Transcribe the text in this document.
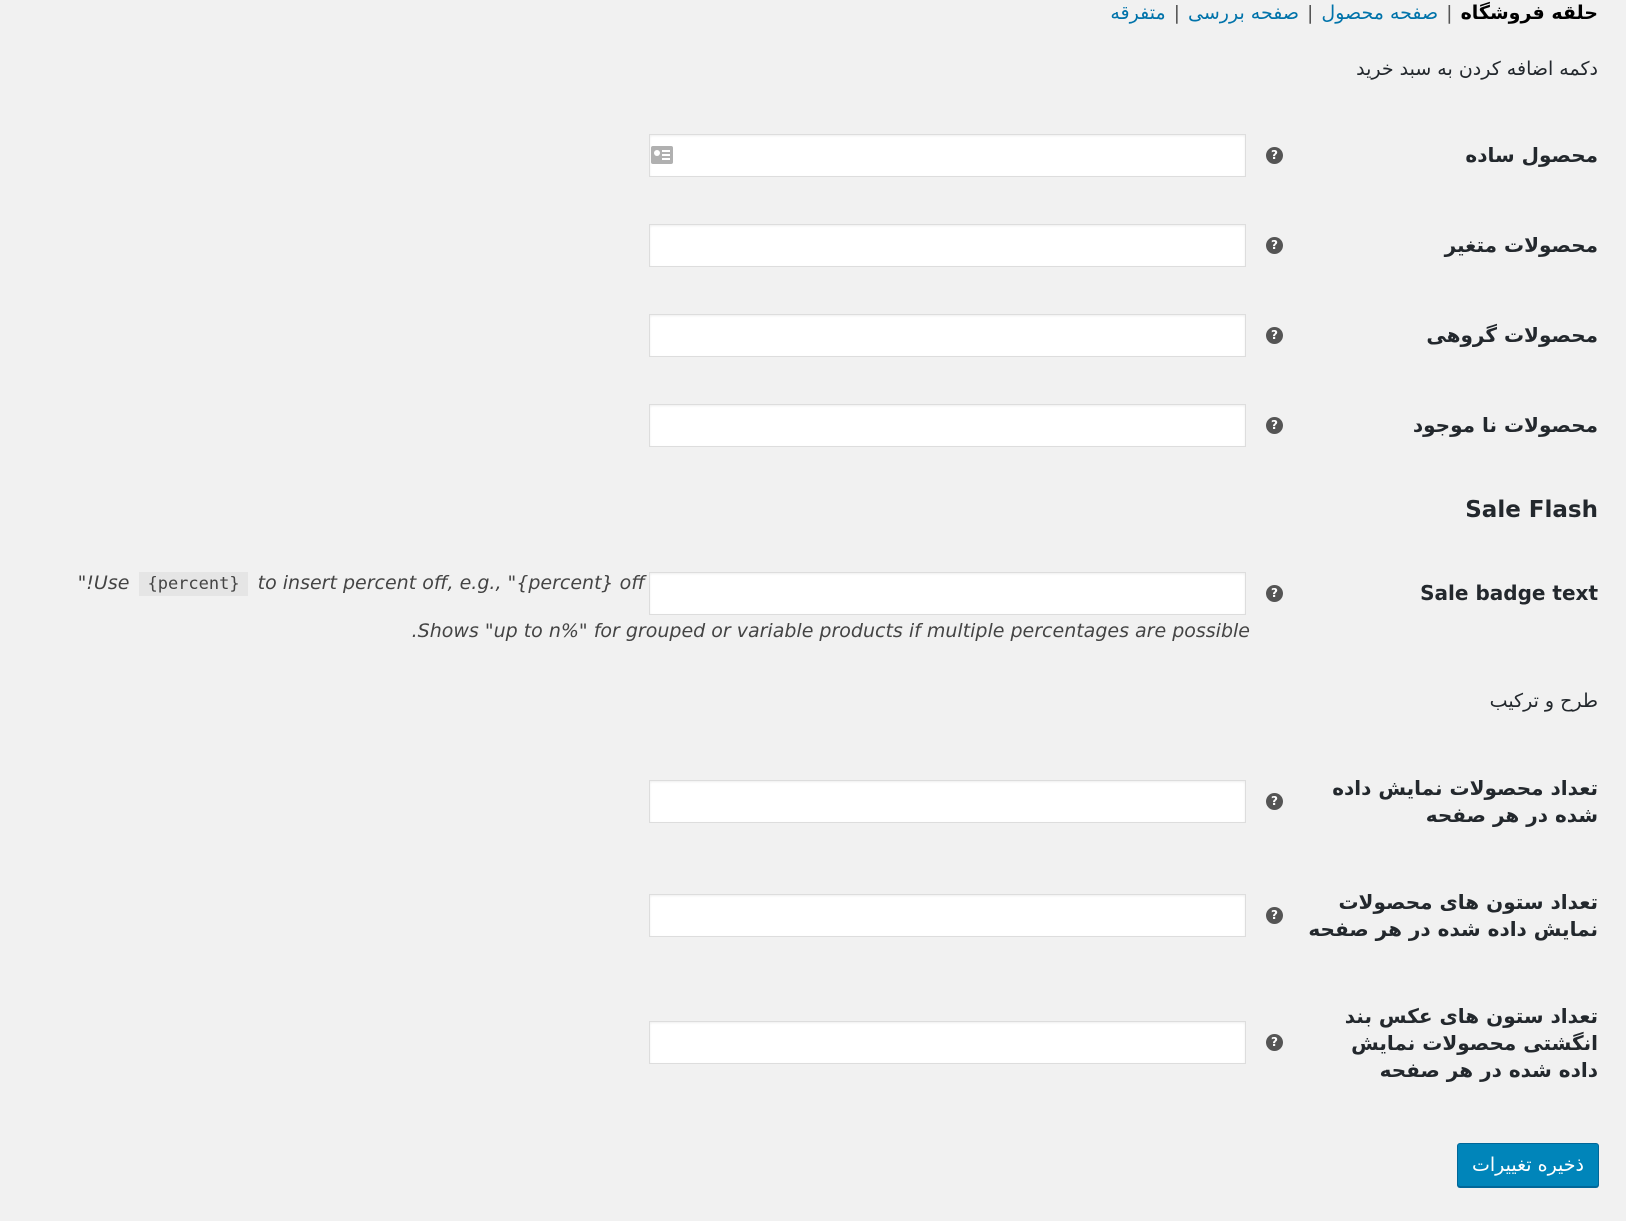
حلقه فروشگاه
|
صفحه محصول
|
صفحه بررسی
|
متفرقه
دکمه اضافه کردن به سبد خرید
محصول ساده
?
محصولات متغیر
?
محصولات گروهی
?
محصولات نا موجود
?
Sale Flash
Sale badge text
?
"!Use {percent} to insert percent off, e.g., "{percent} off
.Shows "up to n%" for grouped or variable products if multiple percentages are possible
طرح و ترکیب
تعداد محصولات نمایش داده شده در هر صفحه
?
تعداد ستون های محصولات نمایش داده شده در هر صفحه
?
تعداد ستون های عکس بند انگشتی محصولات نمایش داده شده در هر صفحه
?
ذخیره تغییرات
